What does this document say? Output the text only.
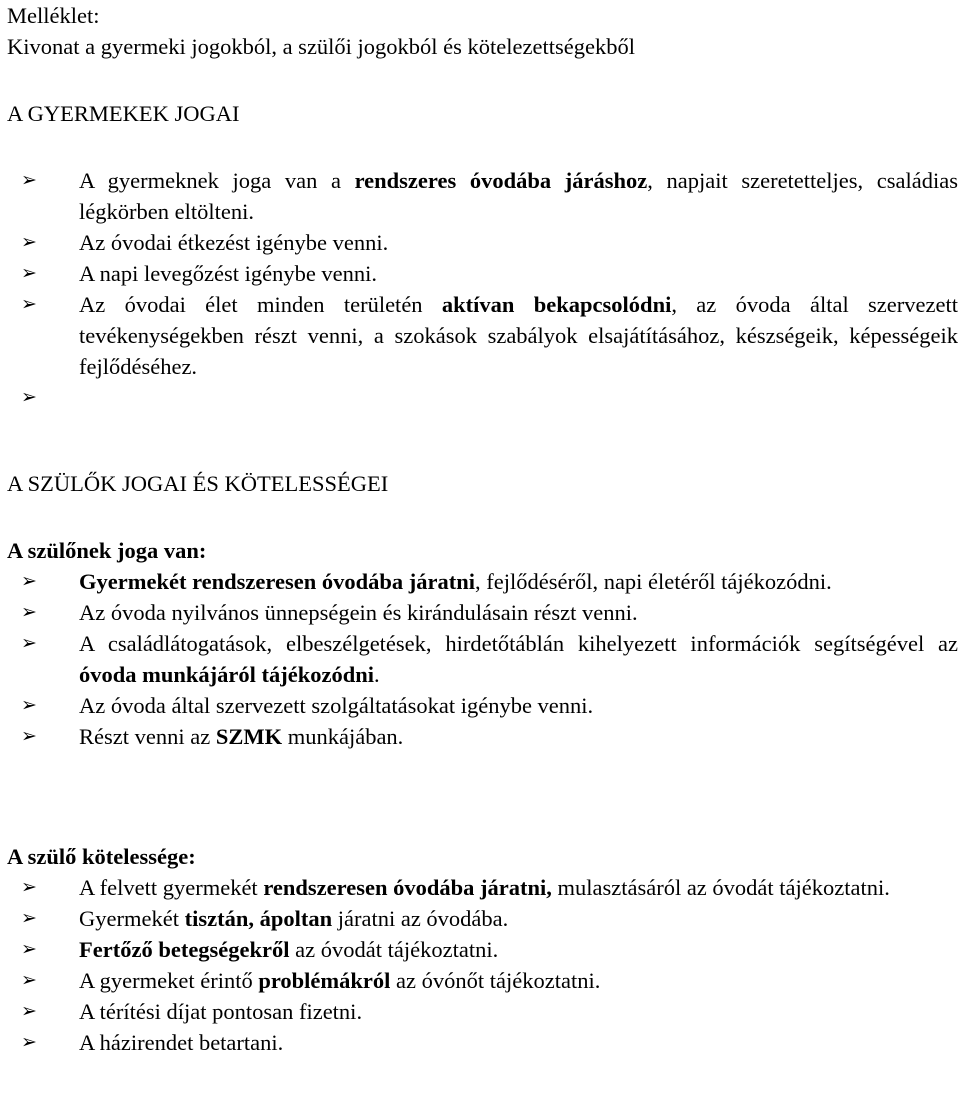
Melléklet:
Kivonat a gyermeki jogokból, a szülői jogokból és kötelezettségekből
A GYERMEKEK JOGAI
➢ A gyermeknek joga van a rendszeres óvodába járáshoz, napjait szeretetteljes, családias légkörben eltölteni.
➢ Az óvodai étkezést igénybe venni.
➢ A napi levegőzést igénybe venni.
➢ Az óvodai élet minden területén aktívan bekapcsolódni, az óvoda által szervezett tevékenységekben részt venni, a szokások szabályok elsajátításához, készségeik, képességeik fejlődéséhez.
➢
A SZÜLŐK JOGAI ÉS KÖTELESSÉGEI
A szülőnek joga van:
➢ Gyermekét rendszeresen óvodába járatni, fejlődéséről, napi életéről tájékozódni.
➢ Az óvoda nyilvános ünnepségein és kirándulásain részt venni.
➢ A családlátogatások, elbeszélgetések, hirdetőtáblán kihelyezett információk segítségével az óvoda munkájáról tájékozódni.
➢ Az óvoda által szervezett szolgáltatásokat igénybe venni.
➢ Részt venni az SZMK munkájában.
A szülő kötelessége:
➢ A felvett gyermekét rendszeresen óvodába járatni, mulasztásáról az óvodát tájékoztatni.
➢ Gyermekét tisztán, ápoltan járatni az óvodába.
➢ Fertőző betegségekről az óvodát tájékoztatni.
➢ A gyermeket érintő problémákról az óvónőt tájékoztatni.
➢ A térítési díjat pontosan fizetni.
➢ A házirendet betartani.
